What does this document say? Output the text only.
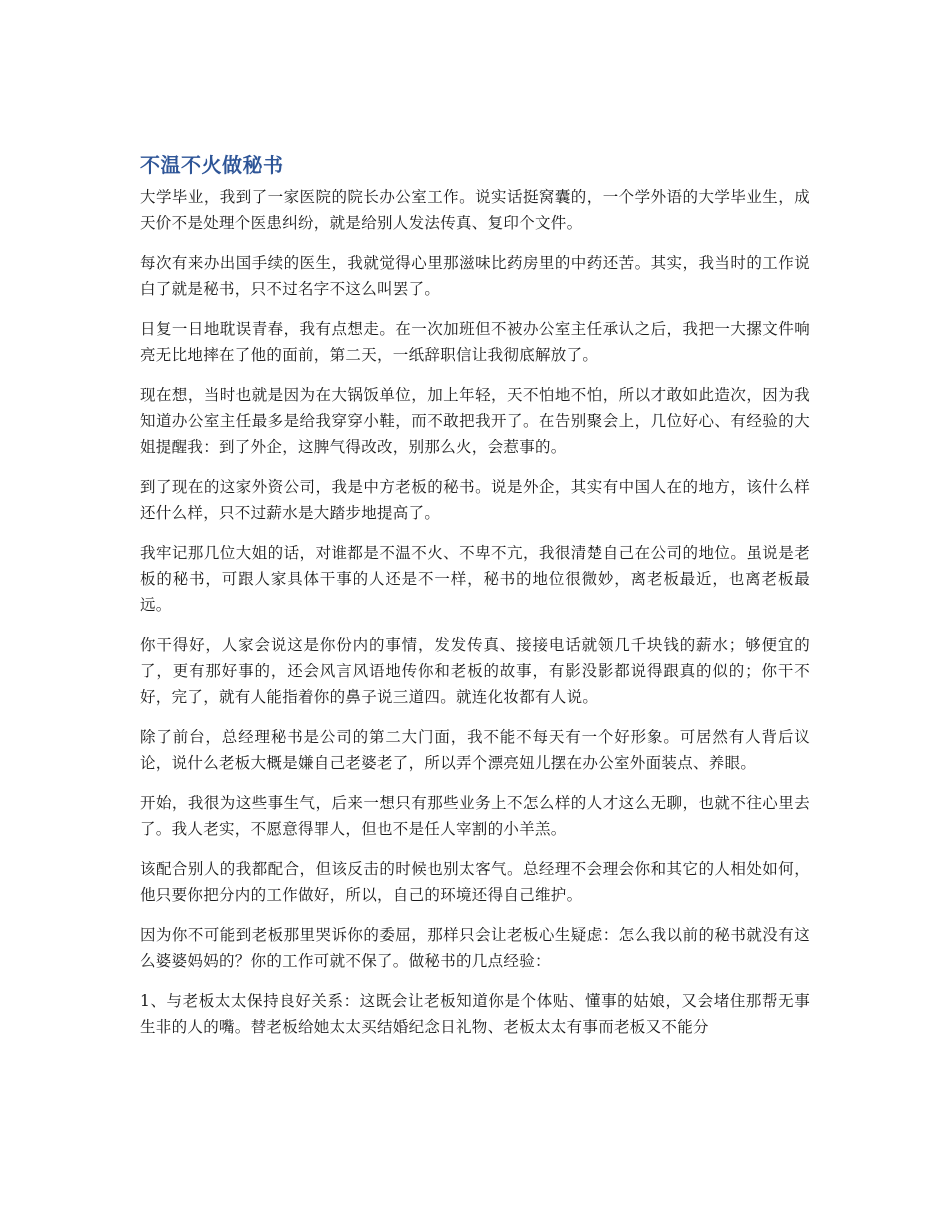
不温不火做秘书

大学毕业，我到了一家医院的院长办公室工作。说实话挺窝囊的，一个学外语的大学毕业生，成天价不是处理个医患纠纷，就是给别人发法传真、复印个文件。

每次有来办出国手续的医生，我就觉得心里那滋味比药房里的中药还苦。其实，我当时的工作说白了就是秘书，只不过名字不这么叫罢了。

日复一日地耽误青春，我有点想走。在一次加班但不被办公室主任承认之后，我把一大摞文件响亮无比地摔在了他的面前，第二天，一纸辞职信让我彻底解放了。

现在想，当时也就是因为在大锅饭单位，加上年轻，天不怕地不怕，所以才敢如此造次，因为我知道办公室主任最多是给我穿穿小鞋，而不敢把我开了。在告别聚会上，几位好心、有经验的大姐提醒我：到了外企，这脾气得改改，别那么火，会惹事的。

到了现在的这家外资公司，我是中方老板的秘书。说是外企，其实有中国人在的地方，该什么样还什么样，只不过薪水是大踏步地提高了。

我牢记那几位大姐的话，对谁都是不温不火、不卑不亢，我很清楚自己在公司的地位。虽说是老板的秘书，可跟人家具体干事的人还是不一样，秘书的地位很微妙，离老板最近，也离老板最远。

你干得好，人家会说这是你份内的事情，发发传真、接接电话就领几千块钱的薪水；够便宜的了，更有那好事的，还会风言风语地传你和老板的故事，有影没影都说得跟真的似的；你干不好，完了，就有人能指着你的鼻子说三道四。就连化妆都有人说。

除了前台，总经理秘书是公司的第二大门面，我不能不每天有一个好形象。可居然有人背后议论，说什么老板大概是嫌自己老婆老了，所以弄个漂亮妞儿摆在办公室外面装点、养眼。

开始，我很为这些事生气，后来一想只有那些业务上不怎么样的人才这么无聊，也就不往心里去了。我人老实，不愿意得罪人，但也不是任人宰割的小羊羔。

该配合别人的我都配合，但该反击的时候也别太客气。总经理不会理会你和其它的人相处如何，他只要你把分内的工作做好，所以，自己的环境还得自己维护。

因为你不可能到老板那里哭诉你的委屈，那样只会让老板心生疑虑：怎么我以前的秘书就没有这么婆婆妈妈的？你的工作可就不保了。做秘书的几点经验：

1、与老板太太保持良好关系：这既会让老板知道你是个体贴、懂事的姑娘，又会堵住那帮无事生非的人的嘴。替老板给她太太买结婚纪念日礼物、老板太太有事而老板又不能分
